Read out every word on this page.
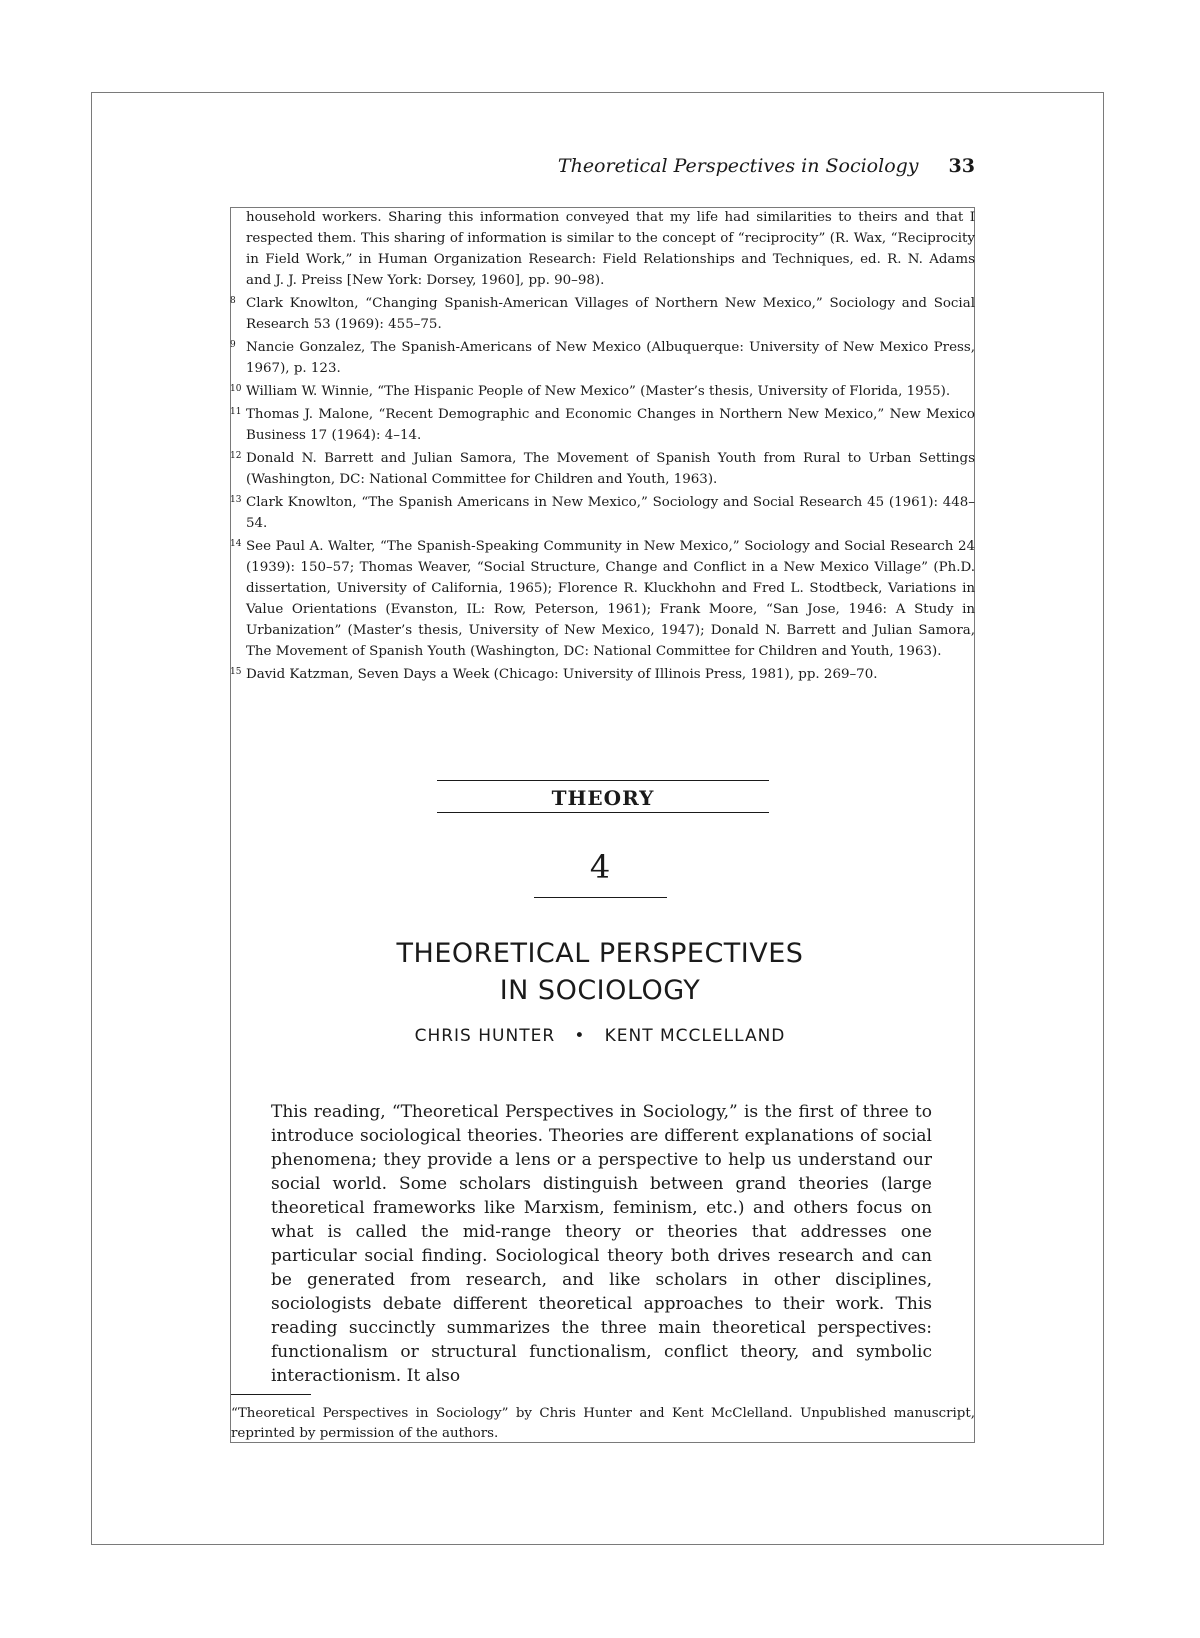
Theoretical Perspectives in Sociology 33
household workers. Sharing this information conveyed that my life had similarities to theirs and that I respected them. This sharing of information is similar to the concept of “reciprocity” (R. Wax, “Reciprocity in Field Work,” in Human Organization Research: Field Relationships and Techniques, ed. R. N. Adams and J. J. Preiss [New York: Dorsey, 1960], pp. 90–98).
8 Clark Knowlton, “Changing Spanish-American Villages of Northern New Mexico,” Sociology and Social Research 53 (1969): 455–75.
9 Nancie Gonzalez, The Spanish-Americans of New Mexico (Albuquerque: University of New Mexico Press, 1967), p. 123.
10 William W. Winnie, “The Hispanic People of New Mexico” (Master’s thesis, University of Florida, 1955).
11 Thomas J. Malone, “Recent Demographic and Economic Changes in Northern New Mexico,” New Mexico Business 17 (1964): 4–14.
12 Donald N. Barrett and Julian Samora, The Movement of Spanish Youth from Rural to Urban Settings (Washington, DC: National Committee for Children and Youth, 1963).
13 Clark Knowlton, “The Spanish Americans in New Mexico,” Sociology and Social Research 45 (1961): 448–54.
14 See Paul A. Walter, “The Spanish-Speaking Community in New Mexico,” Sociology and Social Research 24 (1939): 150–57; Thomas Weaver, “Social Structure, Change and Conflict in a New Mexico Village” (Ph.D. dissertation, University of California, 1965); Florence R. Kluckhohn and Fred L. Stodtbeck, Variations in Value Orientations (Evanston, IL: Row, Peterson, 1961); Frank Moore, “San Jose, 1946: A Study in Urbanization” (Master’s thesis, University of New Mexico, 1947); Donald N. Barrett and Julian Samora, The Movement of Spanish Youth (Washington, DC: National Committee for Children and Youth, 1963).
15 David Katzman, Seven Days a Week (Chicago: University of Illinois Press, 1981), pp. 269–70.
THEORY
4
THEORETICAL PERSPECTIVES
IN SOCIOLOGY
CHRIS HUNTER • KENT MCCLELLAND
This reading, “Theoretical Perspectives in Sociology,” is the first of three to introduce sociological theories. Theories are different explanations of social phenomena; they provide a lens or a perspective to help us understand our social world. Some scholars distinguish between grand theories (large theoretical frameworks like Marxism, feminism, etc.) and others focus on what is called the mid-range theory or theories that addresses one particular social finding. Sociological theory both drives research and can be generated from research, and like scholars in other disciplines, sociologists debate different theoretical approaches to their work. This reading succinctly summarizes the three main theoretical perspectives: functionalism or structural functionalism, conflict theory, and symbolic interactionism. It also
“Theoretical Perspectives in Sociology” by Chris Hunter and Kent McClelland. Unpublished manuscript, reprinted by permission of the authors.
